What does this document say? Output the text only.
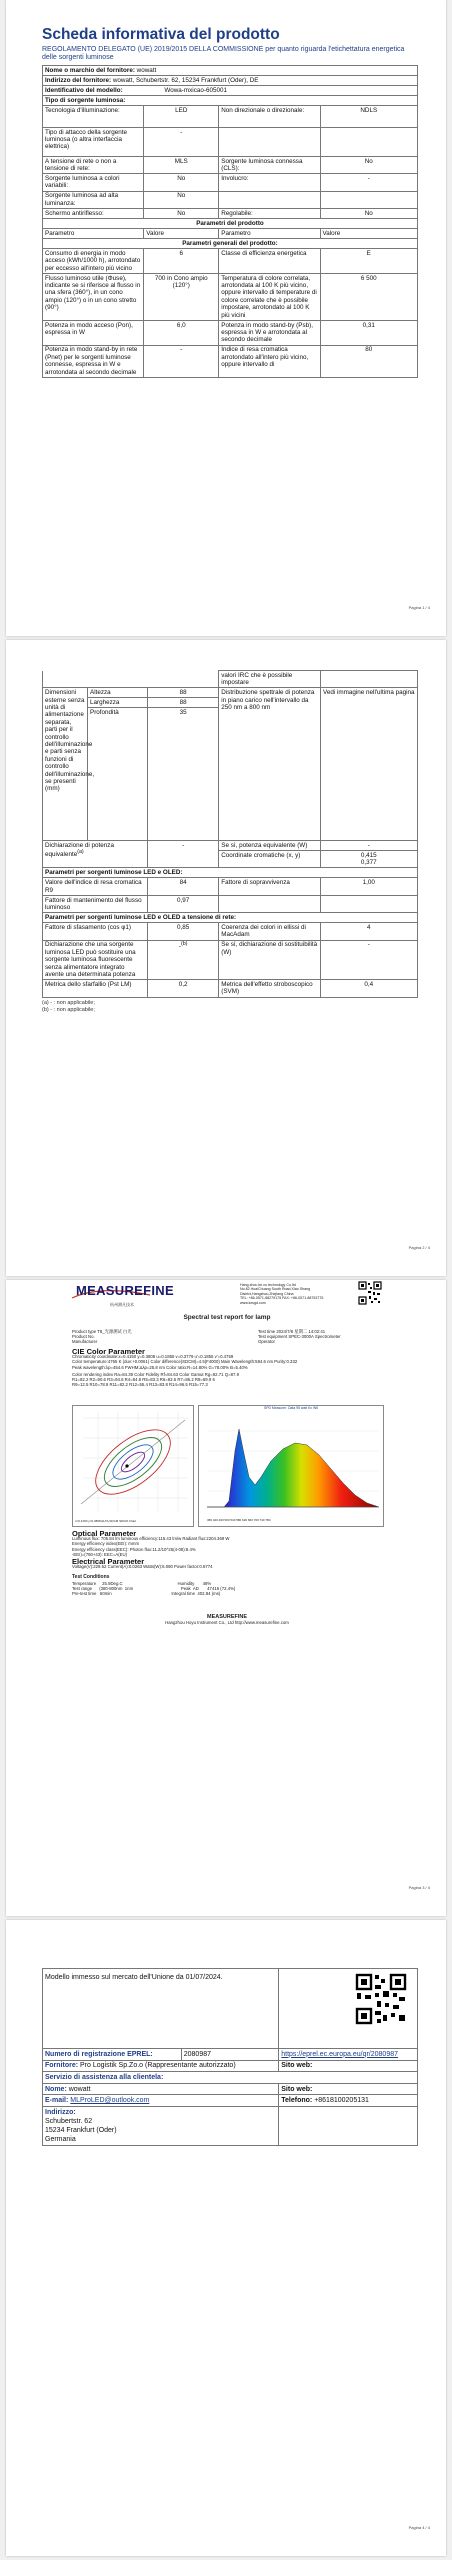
Scheda informativa del prodotto
REGOLAMENTO DELEGATO (UE) 2019/2015 DELLA COMMISSIONE per quanto riguarda l'etichettatura energetica delle sorgenti luminose
Nome o marchio del fornitore: wowatt			
Indirizzo del fornitore: wowatt, Schubertstr. 62, 15234 Frankfurt (Oder), DE			
Identificativo del modello: Wowa-mxicao-605001			
Tipo di sorgente luminosa:			
Tecnologia d'illuminazione:	LED	Non direzionale o direzionale:	NDLS
Tipo di attacco della sorgente luminosa (o altra interfaccia elettrica)	-		
A tensione di rete o non a tensione di rete:	MLS	Sorgente luminosa connessa (CLS):	No
Sorgente luminosa a colori variabili:	No	Involucro:	-
Sorgente luminosa ad alta luminanza:	No		
Schermo antiriflesso:	No	Regolabile:	No
Parametri del prodotto			
Parametro	Valore	Parametro	Valore
Parametri generali del prodotto:			
Consumo di energia in modo acceso (kWh/1000 h), arrotondato per eccesso all'intero più vicino	6	Classe di efficienza energetica	E
Flusso luminoso utile (Φuse), indicante se si riferisce al flusso in una sfera (360°), in un cono ampio (120°) o in un cono stretto (90°)	700 in Cono ampio (120°)	Temperatura di colore correlata, arrotondata al 100 K più vicino, oppure intervallo di temperature di colore correlate che è possibile impostare, arrotondato al 100 K più vicini	6 500
Potenza in modo acceso (Pon), espressa in W	6,0	Potenza in modo stand-by (Psb), espressa in W e arrotondata al secondo decimale	0,31
Potenza in modo stand-by in rete (Pnet) per le sorgenti luminose connesse, espressa in W e arrotondata al secondo decimale	-	Indice di resa cromatica arrotondato all'intero più vicino, oppure intervallo di	80
Pagina 1 / 4
			valori IRC che è possibile impostare	
Dimensioni esterne senza unità di alimentazione separata, parti per il controllo dell'illuminazione e parti senza funzioni di controllo dell'illuminazione, se presenti (mm)	Altezza	88	Distribuzione spettrale di potenza in piano carico nell'intervallo da 250 nm a 800 nm	Vedi immagine nell'ultima pagina
	Larghezza	88		
	Profondità	35		
Dichiarazione di potenza equivalente$^{(a)}$		-	Se sì, potenza equivalente (W)	-
			Coordinate cromatiche (x, y)	0,415
0,377

Parametri per sorgenti luminose LED e OLED:				
Valore dell'indice di resa cromatica R9		84	Fattore di sopravvivenza	1,00
Fattore di mantenimento del flusso luminoso		0,97		
Parametri per sorgenti luminose LED e OLED a tensione di rete:				
Fattore di sfasamento (cos φ1)		0,85	Coerenza dei colori in ellissi di MacAdam	4
Dichiarazione che una sorgente luminosa LED può sostituire una sorgente luminosa fluorescente senza alimentatore integrato avente una determinata potenza		-$^{(b)}$	Se sì, dichiarazione di sostituibilità (W)	-
Metrica dello sfarfallio (Pst LM)		0,2	Metrica dell'effetto stroboscopico (SVM)	0,4
(a) - : non applicabile;
(b) - : non applicabile;
Pagina 2 / 4
Pagina 3 / 4
MEASUREFINE
杭州测凡技术
Hang zhou ke.xu technology Co.ltd
No.82 HuaiChuang South Road,Xiao Shang
District,Hangzhou,Zhejiang China
TEL: +86-0571-88279175 FAX: +86-0571-88753775
www.kxsgd.com
Spectral test report for lamp
Product type T8_光源测试 白光
Product No.
Manufacturer
Test time 2024/7/8 星期二 14:02:41
Test equipment SPEC-3000A Spectrometer
Operator
CIE Color Parameter
Chromaticity coordinate:x=0.4150 y=0.3808 u=0.1855 v=0.3779 u'=0.1855 v'=0.4759
Color temperature:4765 K (duv:+0.0061) Color difference(SDCM)=4.5(F4000) Main Wavelength:584.6 nm Purity:0.332
Peak wavelength:λp=454.6 FWHM:Δλp=25.8 nm Color ratio:R=14.80% G=78.00% B=5.40%
Color rendering index Ra=84.39 Color Fidelity Rf=84.63 Color Gamut Rg=92.71 Q=87.9
R1=82.2 R2=90.6 R3=94.6 R4=84.8 R5=83.3 R6=83.5 R7=86.2 R8=69.9 6
R9=12.5 R10=78.9 R11=82.2 R12=55.4 R13=83.8 R14=96.5 R15=77.3
x=0.4150 y=0.3808 ELTA,SDCM SDCM Chart
SPD Measurer: Data 95 watt Kx W6
380 420 460 500 540 580 620 660 700 740 780
Optical Parameter
Luminous flux: 705.84 lm luminous efficiency:115.43 lm/w Radiant flux:2204.369 W
Energy efficiency index(EEI): mmm
Energy efficiency class(EEC): Photon flux:11.2/10^25(4-08):8.4%
-EEI)=(780+43): EEC=A(EU)
Electrical Parameter
Voltage(V):229.52 Current(A):0.0263 Watts(W):6.080 Power factor:0.8774
Test Conditions
Temperature     25.9Deg.C                                              Humidity       48%
Test range      (380-800nm  1nm                                        Peak  AD       47416 (72.4%)
Pre-test time   60min                                                  Integral time  402.84 (ms)
MEASUREFINE
Hangzhou Hoyu Instrument Co., Ltd http://www.measurefine.com
Modello immesso sul mercato dell'Unione da 01/07/2024.	

Numero di registrazione EPREL:	2080987	https://eprel.ec.europa.eu/qr/2080987
Fornitore: Pro Logistik Sp.Zo.o (Rappresentante autorizzato)		Sito web:
Servizio di assistenza alla clientela:		
Nome: wowatt		Sito web:
E-mail: MLProLED@outlook.com		Telefono: +8618100205131

Indirizzo:
Schubertstr. 62
15234 Frankfurt (Oder)
Germania		

Pagina 4 / 4
